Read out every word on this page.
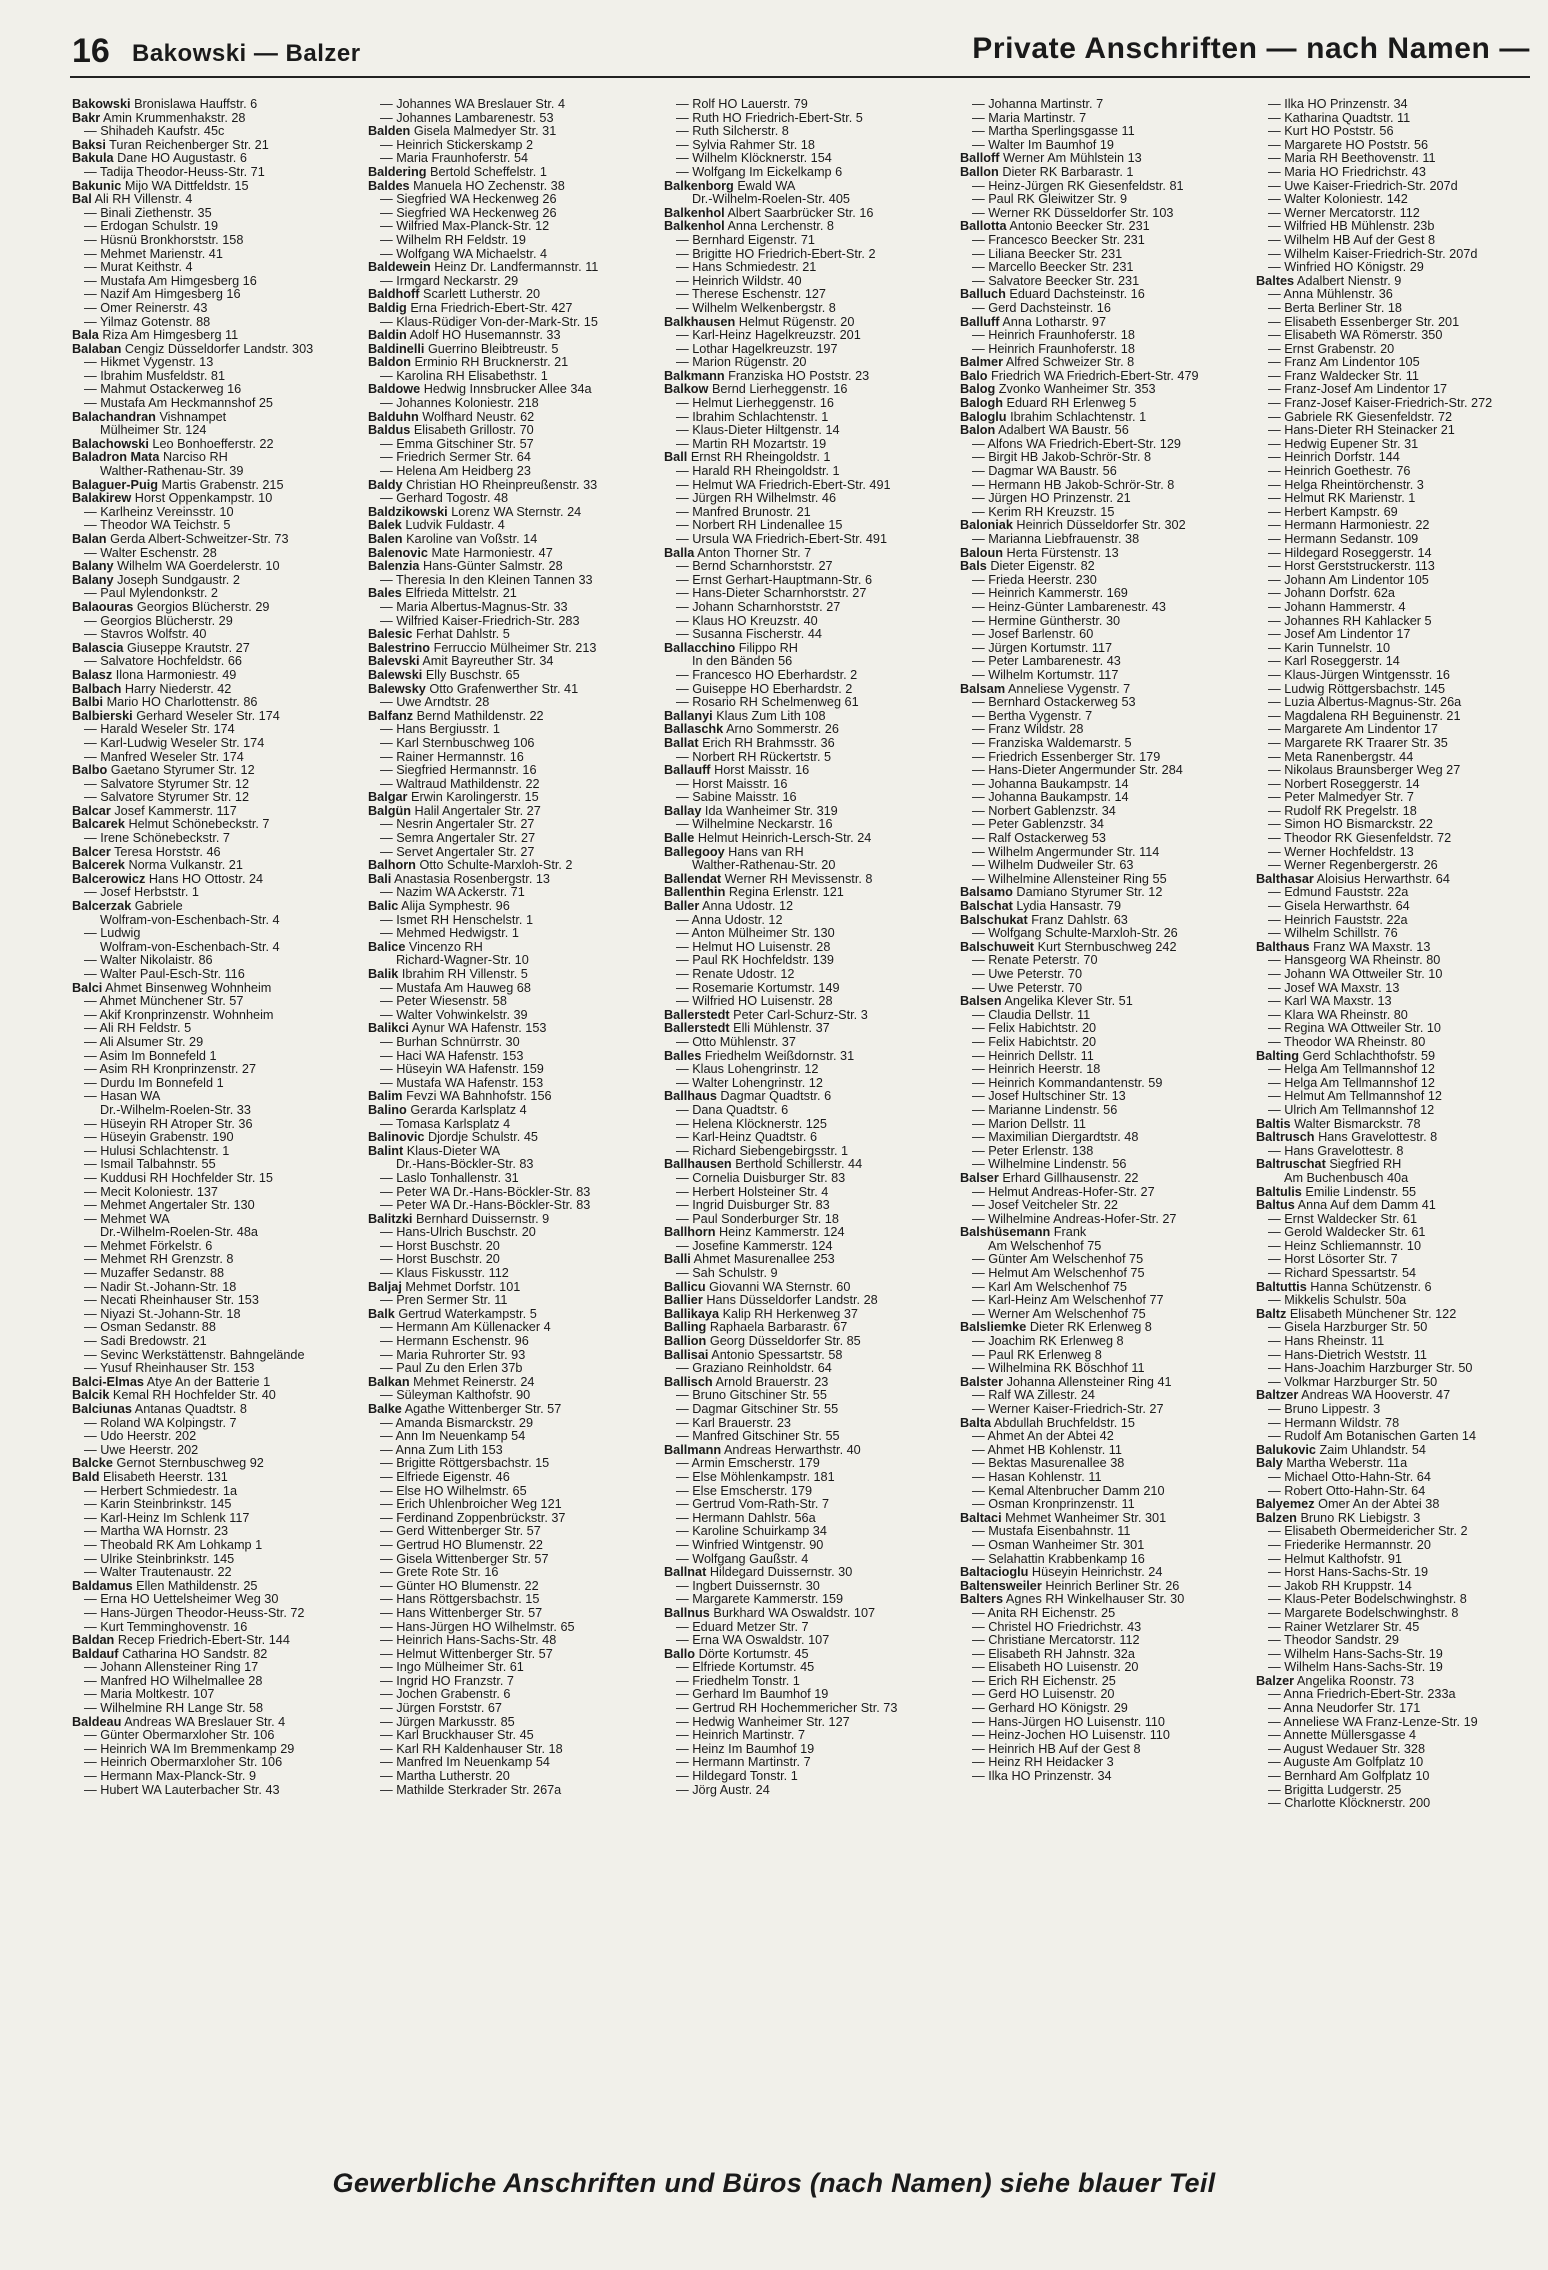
16 Bakowski — Balzer	Private Anschriften — nach Namen —
Bakowski Bronislawa Hauffstr. 6
Bakr Amin Krummenhakstr. 28
— Shihadeh Kaufstr. 45c
Baksi Turan Reichenberger Str. 21
Bakula Dane HO Augustastr. 6
— Tadija Theodor-Heuss-Str. 71
Bakunic Mijo WA Dittfeldstr. 15
Bal Ali RH Villenstr. 4
— Binali Ziethenstr. 35
— Erdogan Schulstr. 19
— Hüsnü Bronkhorststr. 158
— Mehmet Marienstr. 41
— Murat Keithstr. 4
— Mustafa Am Himgesberg 16
— Nazif Am Himgesberg 16
— Ömer Reinerstr. 43
— Yilmaz Gotenstr. 88
Bala Riza Am Himgesberg 11
Balaban Cengiz Düsseldorfer Landstr. 303
— Hikmet Vygenstr. 13
— Ibrahim Musfeldstr. 81
— Mahmut Ostackerweg 16
— Mustafa Am Heckmannshof 25
Balachandran Vishnampet
Mülheimer Str. 124
Balachowski Leo Bonhoefferstr. 22
Baladron Mata Narciso RH
Walther-Rathenau-Str. 39
Balaguer-Puig Martis Grabenstr. 215
Balakirew Horst Oppenkampstr. 10
— Karlheinz Vereinsstr. 10
— Theodor WA Teichstr. 5
Balan Gerda Albert-Schweitzer-Str. 73
— Walter Eschenstr. 28
Balany Wilhelm WA Goerdelerstr. 10
Balany Joseph Sundgaustr. 2
— Paul Mylendonkstr. 2
Balaouras Georgios Blücherstr. 29
— Georgios Blücherstr. 29
— Stavros Wolfstr. 40
Balascia Giuseppe Krautstr. 27
— Salvatore Hochfeldstr. 66
Balasz Ilona Harmoniestr. 49
Balbach Harry Niederstr. 42
Balbi Mario HO Charlottenstr. 86
Balbierski Gerhard Weseler Str. 174
— Harald Weseler Str. 174
— Karl-Ludwig Weseler Str. 174
— Manfred Weseler Str. 174
Balbo Gaetano Styrumer Str. 12
— Salvatore Styrumer Str. 12
— Salvatore Styrumer Str. 12
Balcar Josef Kammerstr. 117
Balcarek Helmut Schönebeckstr. 7
— Irene Schönebeckstr. 7
Balcer Teresa Horststr. 46
Balcerek Norma Vulkanstr. 21
Balcerowicz Hans HO Ottostr. 24
— Josef Herbststr. 1
Balcerzak Gabriele
Wolfram-von-Eschenbach-Str. 4
— Ludwig
Wolfram-von-Eschenbach-Str. 4
— Walter Nikolaistr. 86
— Walter Paul-Esch-Str. 116
Balci Ahmet Binsenweg Wohnheim
— Ahmet Münchener Str. 57
— Akif Kronprinzenstr. Wohnheim
— Ali RH Feldstr. 5
— Ali Alsumer Str. 29
— Asim Im Bonnefeld 1
— Asim RH Kronprinzenstr. 27
— Durdu Im Bonnefeld 1
— Hasan WA
Dr.-Wilhelm-Roelen-Str. 33
— Hüseyin RH Atroper Str. 36
— Hüseyin Grabenstr. 190
— Hulusi Schlachtenstr. 1
— Ismail Talbahnstr. 55
— Kuddusi RH Hochfelder Str. 15
— Mecit Koloniestr. 137
— Mehmet Angertaler Str. 130
— Mehmet WA
Dr.-Wilhelm-Roelen-Str. 48a
— Mehmet Förkelstr. 6
— Mehmet RH Grenzstr. 8
— Muzaffer Sedanstr. 88
— Nadir St.-Johann-Str. 18
— Necati Rheinhauser Str. 153
— Niyazi St.-Johann-Str. 18
— Osman Sedanstr. 88
— Sadi Bredowstr. 21
— Sevinc Werkstättenstr. Bahngelände
— Yusuf Rheinhauser Str. 153
Balci-Elmas Atye An der Batterie 1
Balcik Kemal RH Hochfelder Str. 40
Balciunas Antanas Quadtstr. 8
— Roland WA Kolpingstr. 7
— Udo Heerstr. 202
— Uwe Heerstr. 202
Balcke Gernot Sternbuschweg 92
Bald Elisabeth Heerstr. 131
— Herbert Schmiedestr. 1a
— Karin Steinbrinkstr. 145
— Karl-Heinz Im Schlenk 117
— Martha WA Hornstr. 23
— Theobald RK Am Lohkamp 1
— Ulrike Steinbrinkstr. 145
— Walter Trautenaustr. 22
Baldamus Ellen Mathildenstr. 25
— Erna HO Uettelsheimer Weg 30
— Hans-Jürgen Theodor-Heuss-Str. 72
— Kurt Temminghovenstr. 16
Baldan Recep Friedrich-Ebert-Str. 144
Baldauf Catharina HO Sandstr. 82
— Johann Allensteiner Ring 17
— Manfred HO Wilhelmallee 28
— Maria Moltkestr. 107
— Wilhelmine RH Lange Str. 58
Baldeau Andreas WA Breslauer Str. 4
— Günter Obermarxloher Str. 106
— Heinrich WA Im Bremmenkamp 29
— Heinrich Obermarxloher Str. 106
— Hermann Max-Planck-Str. 9
— Hubert WA Lauterbacher Str. 43
— Johannes WA Breslauer Str. 4
— Johannes Lambarenestr. 53
Balden Gisela Malmedyer Str. 31
— Heinrich Stickerskamp 2
— Maria Fraunhoferstr. 54
Baldering Bertold Scheffelstr. 1
Baldes Manuela HO Zechenstr. 38
— Siegfried WA Heckenweg 26
— Siegfried WA Heckenweg 26
— Wilfried Max-Planck-Str. 12
— Wilhelm RH Feldstr. 19
— Wolfgang WA Michaelstr. 4
Baldewein Heinz Dr. Landfermannstr. 11
— Irmgard Neckarstr. 29
Baldhoff Scarlett Lutherstr. 20
Baldig Erna Friedrich-Ebert-Str. 427
— Klaus-Rüdiger Von-der-Mark-Str. 15
Baldin Adolf HO Husemannstr. 33
Baldinelli Guerrino Bleibtreustr. 5
Baldon Erminio RH Brucknerstr. 21
— Karolina RH Elisabethstr. 1
Baldowe Hedwig Innsbrucker Allee 34a
— Johannes Koloniestr. 218
Balduhn Wolfhard Neustr. 62
Baldus Elisabeth Grillostr. 70
— Emma Gitschiner Str. 57
— Friedrich Sermer Str. 64
— Helena Am Heidberg 23
Baldy Christian HO Rheinpreußenstr. 33
— Gerhard Togostr. 48
Baldzikowski Lorenz WA Sternstr. 24
Balek Ludvik Fuldastr. 4
Balen Karoline van Voßstr. 14
Balenovic Mate Harmoniestr. 47
Balenzia Hans-Günter Salmstr. 28
— Theresia In den Kleinen Tannen 33
Bales Elfrieda Mittelstr. 21
— Maria Albertus-Magnus-Str. 33
— Wilfried Kaiser-Friedrich-Str. 283
Balesic Ferhat Dahlstr. 5
Balestrino Ferruccio Mülheimer Str. 213
Balevski Amit Bayreuther Str. 34
Balewski Elly Buschstr. 65
Balewsky Otto Grafenwerther Str. 41
— Uwe Arndtstr. 28
Balfanz Bernd Mathildenstr. 22
— Hans Bergiusstr. 1
— Karl Sternbuschweg 106
— Rainer Hermannstr. 16
— Siegfried Hermannstr. 16
— Waltraud Mathildenstr. 22
Balgar Erwin Karolingerstr. 15
Balgün Halil Angertaler Str. 27
— Nesrin Angertaler Str. 27
— Semra Angertaler Str. 27
— Servet Angertaler Str. 27
Balhorn Otto Schulte-Marxloh-Str. 2
Bali Anastasia Rosenbergstr. 13
— Nazim WA Ackerstr. 71
Balic Alija Symphestr. 96
— Ismet RH Henschelstr. 1
— Mehmed Hedwigstr. 1
Balice Vincenzo RH
Richard-Wagner-Str. 10
Balik Ibrahim RH Villenstr. 5
— Mustafa Am Hauweg 68
— Peter Wiesenstr. 58
— Walter Vohwinkelstr. 39
Balikci Aynur WA Hafenstr. 153
— Burhan Schnürrstr. 30
— Haci WA Hafenstr. 153
— Hüseyin WA Hafenstr. 159
— Mustafa WA Hafenstr. 153
Balim Fevzi WA Bahnhofstr. 156
Balino Gerarda Karlsplatz 4
— Tomasa Karlsplatz 4
Balinovic Djordje Schulstr. 45
Balint Klaus-Dieter WA
Dr.-Hans-Böckler-Str. 83
— Laslo Tonhallenstr. 31
— Peter WA Dr.-Hans-Böckler-Str. 83
— Peter WA Dr.-Hans-Böckler-Str. 83
Balitzki Bernhard Duissernstr. 9
— Hans-Ulrich Buschstr. 20
— Horst Buschstr. 20
— Horst Buschstr. 20
— Klaus Fiskusstr. 112
Baljaj Mehmet Dorfstr. 101
— Pren Sermer Str. 11
Balk Gertrud Waterkampstr. 5
— Hermann Am Küllenacker 4
— Hermann Eschenstr. 96
— Maria Ruhrorter Str. 93
— Paul Zu den Erlen 37b
Balkan Mehmet Reinerstr. 24
— Süleyman Kalthofstr. 90
Balke Agathe Wittenberger Str. 57
— Amanda Bismarckstr. 29
— Ann Im Neuenkamp 54
— Anna Zum Lith 153
— Brigitte Röttgersbachstr. 15
— Elfriede Eigenstr. 46
— Else HO Wilhelmstr. 65
— Erich Uhlenbroicher Weg 121
— Ferdinand Zoppenbrückstr. 37
— Gerd Wittenberger Str. 57
— Gertrud HO Blumenstr. 22
— Gisela Wittenberger Str. 57
— Grete Rote Str. 16
— Günter HO Blumenstr. 22
— Hans Röttgersbachstr. 15
— Hans Wittenberger Str. 57
— Hans-Jürgen HO Wilhelmstr. 65
— Heinrich Hans-Sachs-Str. 48
— Helmut Wittenberger Str. 57
— Ingo Mülheimer Str. 61
— Ingrid HO Franzstr. 7
— Jochen Grabenstr. 6
— Jürgen Forststr. 67
— Jürgen Markusstr. 85
— Karl Bruckhauser Str. 45
— Karl RH Kaldenhauser Str. 18
— Manfred Im Neuenkamp 54
— Martha Lutherstr. 20
— Mathilde Sterkrader Str. 267a
— Rolf HO Lauerstr. 79
— Ruth HO Friedrich-Ebert-Str. 5
— Ruth Silcherstr. 8
— Sylvia Rahmer Str. 18
— Wilhelm Klöcknerstr. 154
— Wolfgang Im Eickelkamp 6
Balkenborg Ewald WA
Dr.-Wilhelm-Roelen-Str. 405
Balkenhol Albert Saarbrücker Str. 16
Balkenhol Anna Lerchenstr. 8
— Bernhard Eigenstr. 71
— Brigitte HO Friedrich-Ebert-Str. 2
— Hans Schmiedestr. 21
— Heinrich Wildstr. 40
— Therese Eschenstr. 127
— Wilhelm Welkenbergstr. 8
Balkhausen Helmut Rügenstr. 20
— Karl-Heinz Hagelkreuzstr. 201
— Lothar Hagelkreuzstr. 197
— Marion Rügenstr. 20
Balkmann Franziska HO Poststr. 23
Balkow Bernd Lierheggenstr. 16
— Helmut Lierheggenstr. 16
— Ibrahim Schlachtenstr. 1
— Klaus-Dieter Hiltgenstr. 14
— Martin RH Mozartstr. 19
Ball Ernst RH Rheingoldstr. 1
— Harald RH Rheingoldstr. 1
— Helmut WA Friedrich-Ebert-Str. 491
— Jürgen RH Wilhelmstr. 46
— Manfred Brunostr. 21
— Norbert RH Lindenallee 15
— Ursula WA Friedrich-Ebert-Str. 491
Balla Anton Thorner Str. 7
— Bernd Scharnhorststr. 27
— Ernst Gerhart-Hauptmann-Str. 6
— Hans-Dieter Scharnhorststr. 27
— Johann Scharnhorststr. 27
— Klaus HO Kreuzstr. 40
— Susanna Fischerstr. 44
Ballacchino Filippo RH
In den Bänden 56
— Francesco HO Eberhardstr. 2
— Guiseppe HO Eberhardstr. 2
— Rosario RH Schelmenweg 61
Ballanyi Klaus Zum Lith 108
Ballaschk Arno Sommerstr. 26
Ballat Erich RH Brahmsstr. 36
— Norbert RH Rückertstr. 5
Ballauff Horst Maisstr. 16
— Horst Maisstr. 16
— Sabine Maisstr. 16
Ballay Ida Wanheimer Str. 319
— Wilhelmine Neckarstr. 16
Balle Helmut Heinrich-Lersch-Str. 24
Ballegooy Hans van RH
Walther-Rathenau-Str. 20
Ballendat Werner RH Mevissenstr. 8
Ballenthin Regina Erlenstr. 121
Baller Anna Udostr. 12
— Anna Udostr. 12
— Anton Mülheimer Str. 130
— Helmut HO Luisenstr. 28
— Paul RK Hochfeldstr. 139
— Renate Udostr. 12
— Rosemarie Kortumstr. 149
— Wilfried HO Luisenstr. 28
Ballerstedt Peter Carl-Schurz-Str. 3
Ballerstedt Elli Mühlenstr. 37
— Otto Mühlenstr. 37
Balles Friedhelm Weißdornstr. 31
— Klaus Lohengrinstr. 12
— Walter Lohengrinstr. 12
Ballhaus Dagmar Quadtstr. 6
— Dana Quadtstr. 6
— Helena Klöcknerstr. 125
— Karl-Heinz Quadtstr. 6
— Richard Siebengebirgsstr. 1
Ballhausen Berthold Schillerstr. 44
— Cornelia Duisburger Str. 83
— Herbert Holsteiner Str. 4
— Ingrid Duisburger Str. 83
— Paul Sonderburger Str. 18
Ballhorn Heinz Kammerstr. 124
— Josefine Kammerstr. 124
Balli Ahmet Masurenallee 253
— Sah Schulstr. 9
Ballicu Giovanni WA Sternstr. 60
Ballier Hans Düsseldorfer Landstr. 28
Ballikaya Kalip RH Herkenweg 37
Balling Raphaela Barbarastr. 67
Ballion Georg Düsseldorfer Str. 85
Ballisai Antonio Spessartstr. 58
— Graziano Reinholdstr. 64
Ballisch Arnold Brauerstr. 23
— Bruno Gitschiner Str. 55
— Dagmar Gitschiner Str. 55
— Karl Brauerstr. 23
— Manfred Gitschiner Str. 55
Ballmann Andreas Herwarthstr. 40
— Armin Emscherstr. 179
— Else Möhlenkampstr. 181
— Else Emscherstr. 179
— Gertrud Vom-Rath-Str. 7
— Hermann Dahlstr. 56a
— Karoline Schuirkamp 34
— Winfried Wintgenstr. 90
— Wolfgang Gaußstr. 4
Ballnat Hildegard Duissernstr. 30
— Ingbert Duissernstr. 30
— Margarete Kammerstr. 159
Ballnus Burkhard WA Oswaldstr. 107
— Eduard Metzer Str. 7
— Erna WA Oswaldstr. 107
Ballo Dörte Kortumstr. 45
— Elfriede Kortumstr. 45
— Friedhelm Tonstr. 1
— Gerhard Im Baumhof 19
— Gertrud RH Hochemmericher Str. 73
— Hedwig Wanheimer Str. 127
— Heinrich Martinstr. 7
— Heinz Im Baumhof 19
— Hermann Martinstr. 7
— Hildegard Tonstr. 1
— Jörg Austr. 24
— Johanna Martinstr. 7
— Maria Martinstr. 7
— Martha Sperlingsgasse 11
— Walter Im Baumhof 19
Balloff Werner Am Mühlstein 13
Ballon Dieter RK Barbarastr. 1
— Heinz-Jürgen RK Giesenfeldstr. 81
— Paul RK Gleiwitzer Str. 9
— Werner RK Düsseldorfer Str. 103
Ballotta Antonio Beecker Str. 231
— Francesco Beecker Str. 231
— Liliana Beecker Str. 231
— Marcello Beecker Str. 231
— Salvatore Beecker Str. 231
Balluch Eduard Dachsteinstr. 16
— Gerd Dachsteinstr. 16
Balluff Anna Lotharstr. 97
— Heinrich Fraunhoferstr. 18
— Heinrich Fraunhoferstr. 18
Balmer Alfred Schweizer Str. 8
Balo Friedrich WA Friedrich-Ebert-Str. 479
Balog Zvonko Wanheimer Str. 353
Balogh Eduard RH Erlenweg 5
Baloglu Ibrahim Schlachtenstr. 1
Balon Adalbert WA Baustr. 56
— Alfons WA Friedrich-Ebert-Str. 129
— Birgit HB Jakob-Schrör-Str. 8
— Dagmar WA Baustr. 56
— Hermann HB Jakob-Schrör-Str. 8
— Jürgen HO Prinzenstr. 21
— Kerim RH Kreuzstr. 15
Baloniak Heinrich Düsseldorfer Str. 302
— Marianna Liebfrauenstr. 38
Baloun Herta Fürstenstr. 13
Bals Dieter Eigenstr. 82
— Frieda Heerstr. 230
— Heinrich Kammerstr. 169
— Heinz-Günter Lambarenestr. 43
— Hermine Güntherstr. 30
— Josef Barlenstr. 60
— Jürgen Kortumstr. 117
— Peter Lambarenestr. 43
— Wilhelm Kortumstr. 117
Balsam Anneliese Vygenstr. 7
— Bernhard Ostackerweg 53
— Bertha Vygenstr. 7
— Franz Wildstr. 28
— Franziska Waldemarstr. 5
— Friedrich Essenberger Str. 179
— Hans-Dieter Angermunder Str. 284
— Johanna Baukampstr. 14
— Johanna Baukampstr. 14
— Norbert Gablenzstr. 34
— Peter Gablenzstr. 34
— Ralf Ostackerweg 53
— Wilhelm Angermunder Str. 114
— Wilhelm Dudweiler Str. 63
— Wilhelmine Allensteiner Ring 55
Balsamo Damiano Styrumer Str. 12
Balschat Lydia Hansastr. 79
Balschukat Franz Dahlstr. 63
— Wolfgang Schulte-Marxloh-Str. 26
Balschuweit Kurt Sternbuschweg 242
— Renate Peterstr. 70
— Uwe Peterstr. 70
— Uwe Peterstr. 70
Balsen Angelika Klever Str. 51
— Claudia Dellstr. 11
— Felix Habichtstr. 20
— Felix Habichtstr. 20
— Heinrich Dellstr. 11
— Heinrich Heerstr. 18
— Heinrich Kommandantenstr. 59
— Josef Hultschiner Str. 13
— Marianne Lindenstr. 56
— Marion Dellstr. 11
— Maximilian Diergardtstr. 48
— Peter Erlenstr. 138
— Wilhelmine Lindenstr. 56
Balser Erhard Gillhausenstr. 22
— Helmut Andreas-Hofer-Str. 27
— Josef Veitcheler Str. 22
— Wilhelmine Andreas-Hofer-Str. 27
Balshüsemann Frank
Am Welschenhof 75
— Günter Am Welschenhof 75
— Helmut Am Welschenhof 75
— Karl Am Welschenhof 75
— Karl-Heinz Am Welschenhof 77
— Werner Am Welschenhof 75
Balsliemke Dieter RK Erlenweg 8
— Joachim RK Erlenweg 8
— Paul RK Erlenweg 8
— Wilhelmina RK Böschhof 11
Balster Johanna Allensteiner Ring 41
— Ralf WA Zillestr. 24
— Werner Kaiser-Friedrich-Str. 27
Balta Abdullah Bruchfeldstr. 15
— Ahmet An der Abtei 42
— Ahmet HB Kohlenstr. 11
— Bektas Masurenallee 38
— Hasan Kohlenstr. 11
— Kemal Altenbrucher Damm 210
— Osman Kronprinzenstr. 11
Baltaci Mehmet Wanheimer Str. 301
— Mustafa Eisenbahnstr. 11
— Osman Wanheimer Str. 301
— Selahattin Krabbenkamp 16
Baltacioglu Hüseyin Heinrichstr. 24
Baltensweiler Heinrich Berliner Str. 26
Balters Agnes RH Winkelhauser Str. 30
— Anita RH Eichenstr. 25
— Christel HO Friedrichstr. 43
— Christiane Mercatorstr. 112
— Elisabeth RH Jahnstr. 32a
— Elisabeth HO Luisenstr. 20
— Erich RH Eichenstr. 25
— Gerd HO Luisenstr. 20
— Gerhard HO Königstr. 29
— Hans-Jürgen HO Luisenstr. 110
— Heinz-Jochen HO Luisenstr. 110
— Heinrich HB Auf der Gest 8
— Heinz RH Heidacker 3
— Ilka HO Prinzenstr. 34
— Ilka HO Prinzenstr. 34
— Katharina Quadtstr. 11
— Kurt HO Poststr. 56
— Margarete HO Poststr. 56
— Maria RH Beethovenstr. 11
— Maria HO Friedrichstr. 43
— Uwe Kaiser-Friedrich-Str. 207d
— Walter Koloniestr. 142
— Werner Mercatorstr. 112
— Wilfried HB Mühlenstr. 23b
— Wilhelm HB Auf der Gest 8
— Wilhelm Kaiser-Friedrich-Str. 207d
— Winfried HO Königstr. 29
Baltes Adalbert Nienstr. 9
— Anna Mühlenstr. 36
— Berta Berliner Str. 18
— Elisabeth Essenberger Str. 201
— Elisabeth WA Römerstr. 350
— Ernst Grabenstr. 20
— Franz Am Lindentor 105
— Franz Waldecker Str. 11
— Franz-Josef Am Lindentor 17
— Franz-Josef Kaiser-Friedrich-Str. 272
— Gabriele RK Giesenfeldstr. 72
— Hans-Dieter RH Steinacker 21
— Hedwig Eupener Str. 31
— Heinrich Dorfstr. 144
— Heinrich Goethestr. 76
— Helga Rheintörchenstr. 3
— Helmut RK Marienstr. 1
— Herbert Kampstr. 69
— Hermann Harmoniestr. 22
— Hermann Sedanstr. 109
— Hildegard Roseggerstr. 14
— Horst Gerststruckerstr. 113
— Johann Am Lindentor 105
— Johann Dorfstr. 62a
— Johann Hammerstr. 4
— Johannes RH Kahlacker 5
— Josef Am Lindentor 17
— Karin Tunnelstr. 10
— Karl Roseggerstr. 14
— Klaus-Jürgen Wintgensstr. 16
— Ludwig Röttgersbachstr. 145
— Luzia Albertus-Magnus-Str. 26a
— Magdalena RH Beguinenstr. 21
— Margarete Am Lindentor 17
— Margarete RK Traarer Str. 35
— Meta Ranenbergstr. 44
— Nikolaus Braunsberger Weg 27
— Norbert Roseggerstr. 14
— Peter Malmedyer Str. 7
— Rudolf RK Pregelstr. 18
— Simon HO Bismarckstr. 22
— Theodor RK Giesenfeldstr. 72
— Werner Hochfeldstr. 13
— Werner Regenbergerstr. 26
Balthasar Aloisius Herwarthstr. 64
— Edmund Fauststr. 22a
— Gisela Herwarthstr. 64
— Heinrich Fauststr. 22a
— Wilhelm Schillstr. 76
Balthaus Franz WA Maxstr. 13
— Hansgeorg WA Rheinstr. 80
— Johann WA Ottweiler Str. 10
— Josef WA Maxstr. 13
— Karl WA Maxstr. 13
— Klara WA Rheinstr. 80
— Regina WA Ottweiler Str. 10
— Theodor WA Rheinstr. 80
Balting Gerd Schlachthofstr. 59
— Helga Am Tellmannshof 12
— Helga Am Tellmannshof 12
— Helmut Am Tellmannshof 12
— Ulrich Am Tellmannshof 12
Baltis Walter Bismarckstr. 78
Baltrusch Hans Gravelottestr. 8
— Hans Gravelottestr. 8
Baltruschat Siegfried RH
Am Buchenbusch 40a
Baltulis Emilie Lindenstr. 55
Baltus Anna Auf dem Damm 41
— Ernst Waldecker Str. 61
— Gerold Waldecker Str. 61
— Heinz Schliemannstr. 10
— Horst Lösorter Str. 7
— Richard Spessartstr. 54
Baltuttis Hanna Schützenstr. 6
— Mikkelis Schulstr. 50a
Baltz Elisabeth Münchener Str. 122
— Gisela Harzburger Str. 50
— Hans Rheinstr. 11
— Hans-Dietrich Weststr. 11
— Hans-Joachim Harzburger Str. 50
— Volkmar Harzburger Str. 50
Baltzer Andreas WA Hooverstr. 47
— Bruno Lippestr. 3
— Hermann Wildstr. 78
— Rudolf Am Botanischen Garten 14
Balukovic Zaim Uhlandstr. 54
Baly Martha Weberstr. 11a
— Michael Otto-Hahn-Str. 64
— Robert Otto-Hahn-Str. 64
Balyemez Ömer An der Abtei 38
Balzen Bruno RK Liebigstr. 3
— Elisabeth Obermeidericher Str. 2
— Friederike Hermannstr. 20
— Helmut Kalthofstr. 91
— Horst Hans-Sachs-Str. 19
— Jakob RH Kruppstr. 14
— Klaus-Peter Bodelschwinghstr. 8
— Margarete Bodelschwinghstr. 8
— Rainer Wetzlarer Str. 45
— Theodor Sandstr. 29
— Wilhelm Hans-Sachs-Str. 19
— Wilhelm Hans-Sachs-Str. 19
Balzer Angelika Roonstr. 73
— Anna Friedrich-Ebert-Str. 233a
— Anna Neudorfer Str. 171
— Anneliese WA Franz-Lenze-Str. 19
— Annette Müllersgasse 4
— August Wedauer Str. 328
— Auguste Am Golfplatz 10
— Bernhard Am Golfplatz 10
— Brigitta Ludgerstr. 25
— Charlotte Klöcknerstr. 200
Gewerbliche Anschriften und Büros (nach Namen) siehe blauer Teil
